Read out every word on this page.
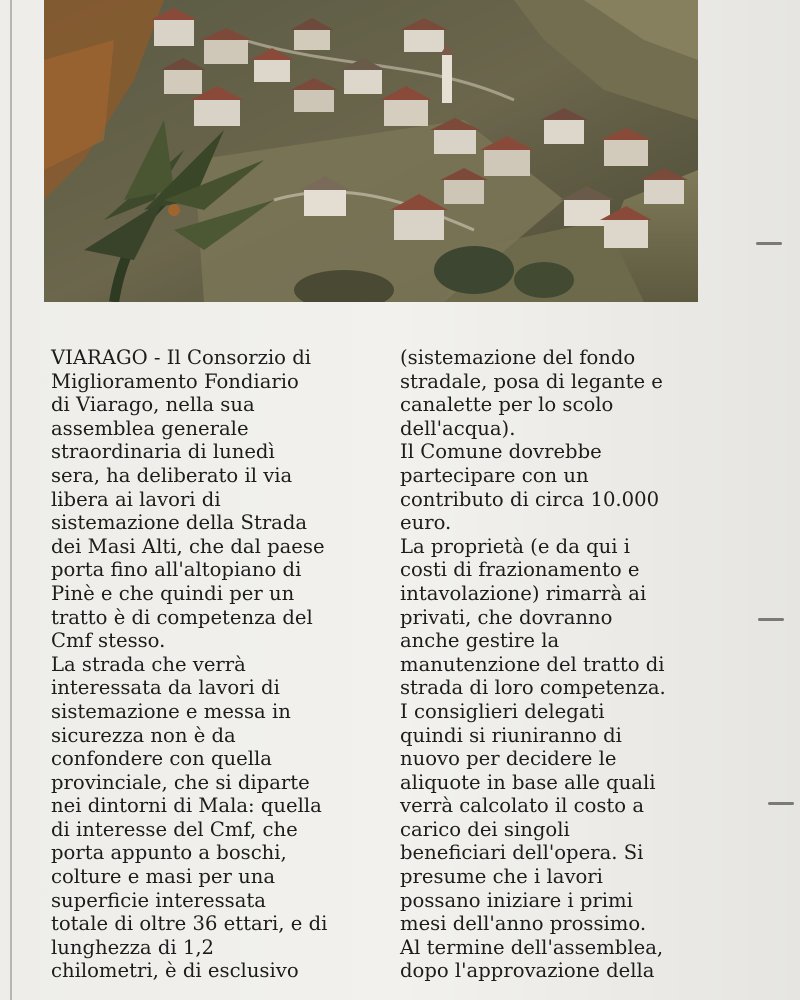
VIARAGO - Il Consorzio di
Miglioramento Fondiario
di Viarago, nella sua
assemblea generale
straordinaria di lunedì
sera, ha deliberato il via
libera ai lavori di
sistemazione della Strada
dei Masi Alti, che dal paese
porta fino all'altopiano di
Pinè e che quindi per un
tratto è di competenza del
Cmf stesso.
La strada che verrà
interessata da lavori di
sistemazione e messa in
sicurezza non è da
confondere con quella
provinciale, che si diparte
nei dintorni di Mala: quella
di interesse del Cmf, che
porta appunto a boschi,
colture e masi per una
superficie interessata
totale di oltre 36 ettari, e di
lunghezza di 1,2
chilometri, è di esclusivo
(sistemazione del fondo
stradale, posa di legante e
canalette per lo scolo
dell'acqua).
Il Comune dovrebbe
partecipare con un
contributo di circa 10.000
euro.
La proprietà (e da qui i
costi di frazionamento e
intavolazione) rimarrà ai
privati, che dovranno
anche gestire la
manutenzione del tratto di
strada di loro competenza.
I consiglieri delegati
quindi si riuniranno di
nuovo per decidere le
aliquote in base alle quali
verrà calcolato il costo a
carico dei singoli
beneficiari dell'opera. Si
presume che i lavori
possano iniziare i primi
mesi dell'anno prossimo.
Al termine dell'assemblea,
dopo l'approvazione della
